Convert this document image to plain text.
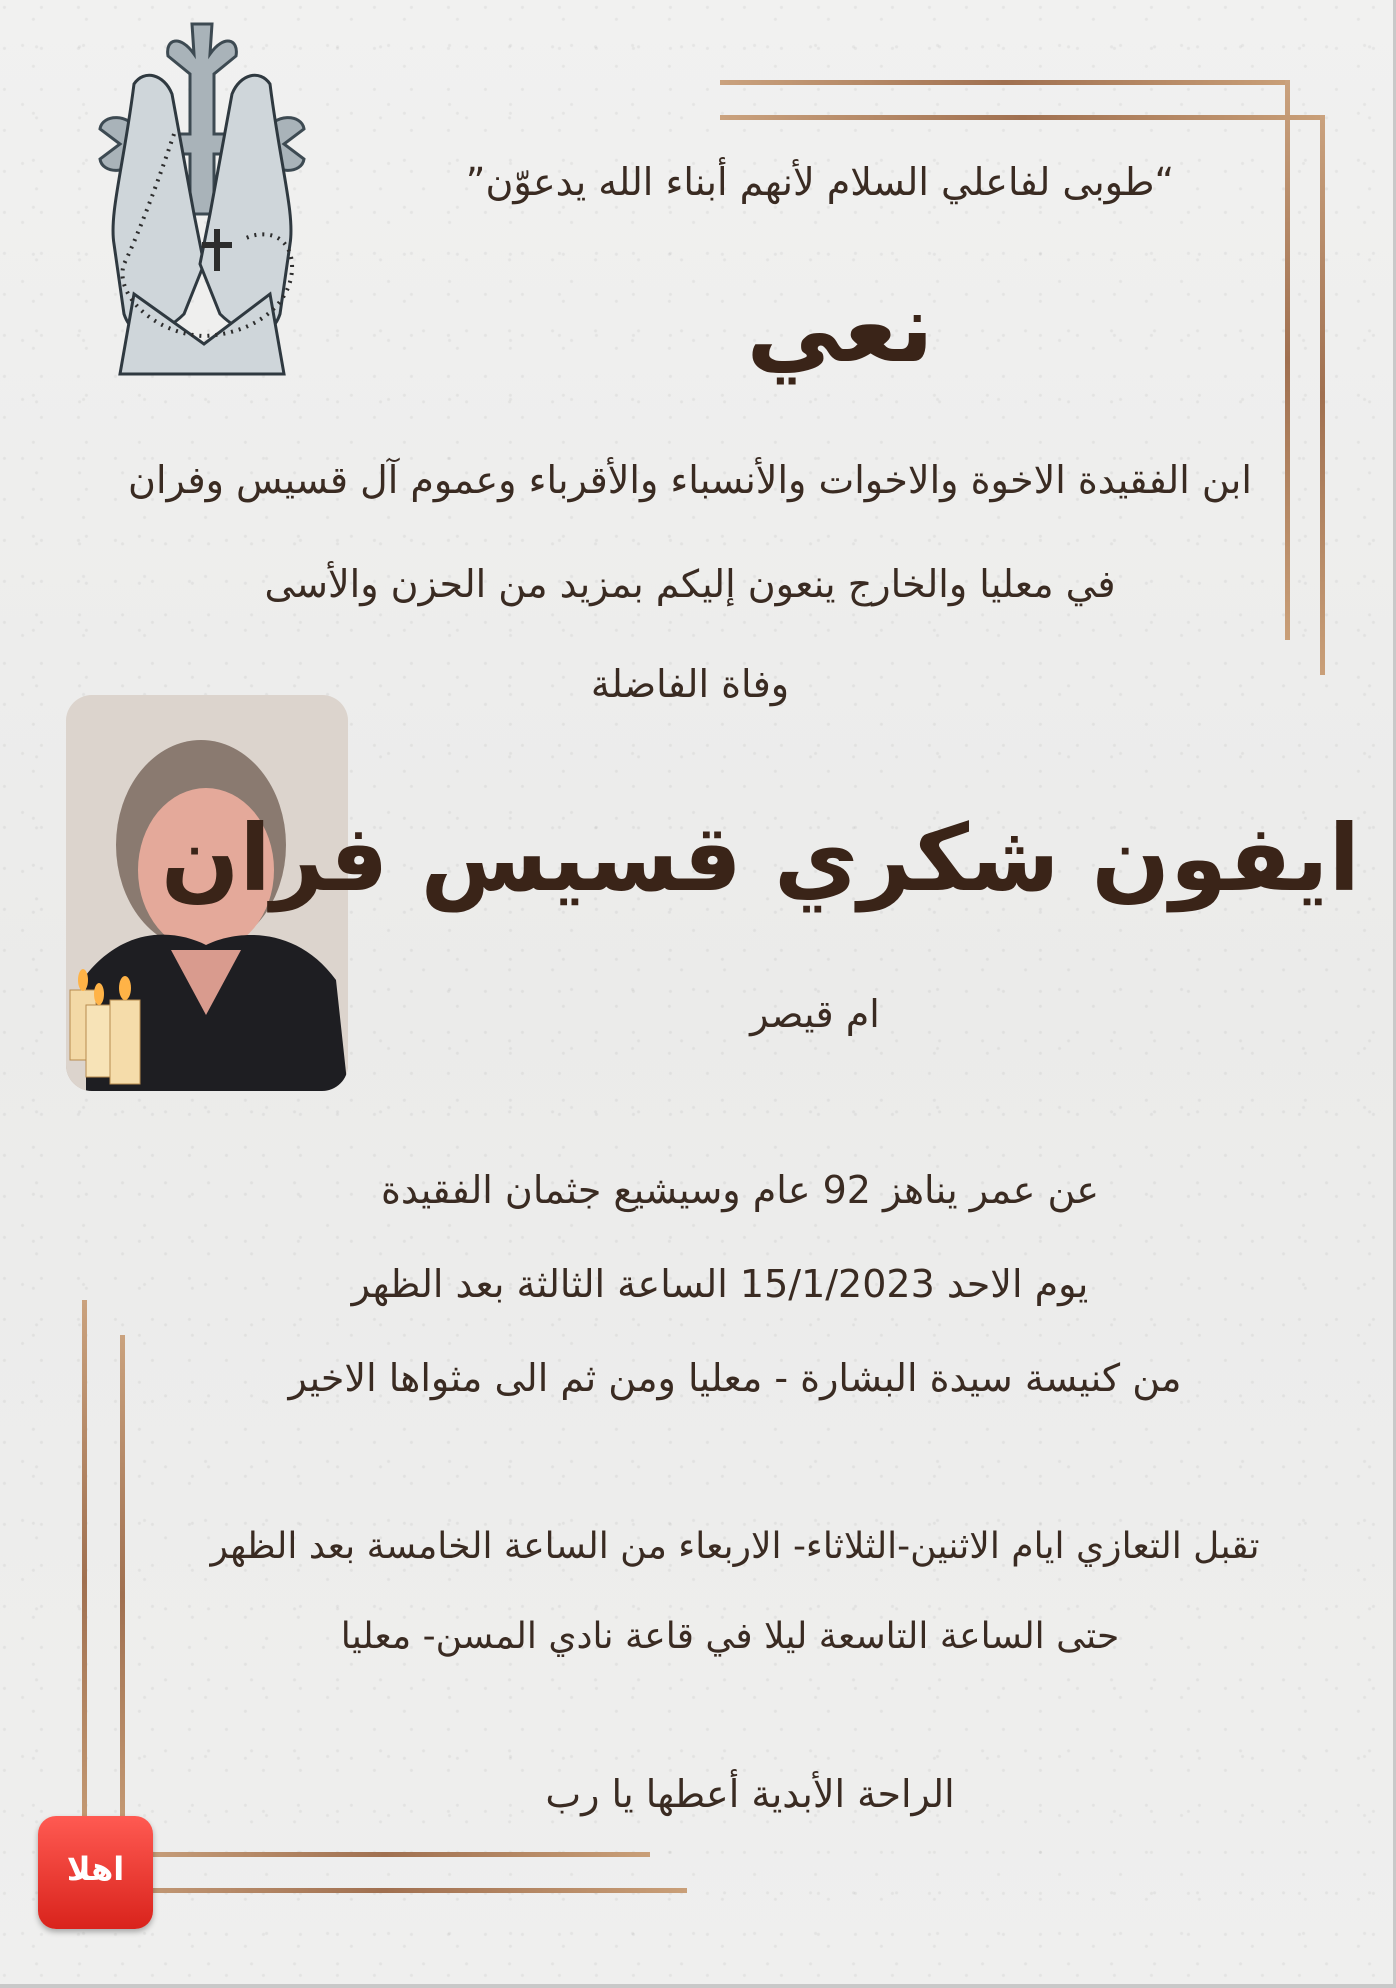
“طوبى لفاعلي السلام لأنهم أبناء الله يدعوّن”
نعي
ابن الفقيدة الاخوة والاخوات والأنسباء والأقرباء وعموم آل قسيس وفران
في معليا والخارج ينعون إليكم بمزيد من الحزن والأسى
وفاة الفاضلة
ايفون شكري قسيس فران
ام قيصر
عن عمر يناهز 92 عام وسيشيع جثمان الفقيدة
يوم الاحد 15/1/2023 الساعة الثالثة بعد الظهر
من كنيسة سيدة البشارة - معليا ومن ثم الى مثواها الاخير
تقبل التعازي ايام الاثنين-الثلاثاء- الاربعاء من الساعة الخامسة بعد الظهر
حتى الساعة التاسعة ليلا في قاعة نادي المسن- معليا
الراحة الأبدية أعطها يا رب
اهلا
